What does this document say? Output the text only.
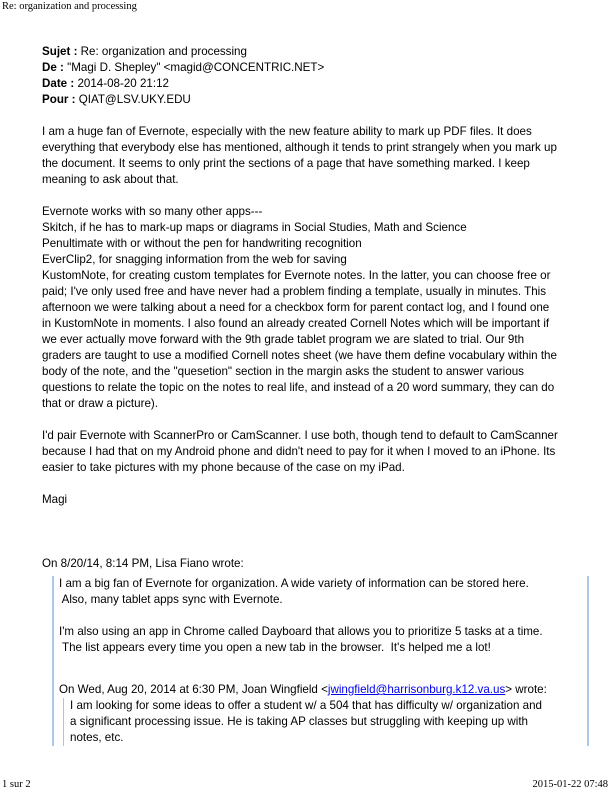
Re: organization and processing
Sujet : Re: organization and processing
De : "Magi D. Shepley" <magid@CONCENTRIC.NET>
Date : 2014-08-20 21:12
Pour : QIAT@LSV.UKY.EDU
I am a huge fan of Evernote, especially with the new feature ability to mark up PDF files. It does
everything that everybody else has mentioned, although it tends to print strangely when you mark up
the document. It seems to only print the sections of a page that have something marked. I keep
meaning to ask about that.
Evernote works with so many other apps---
Skitch, if he has to mark-up maps or diagrams in Social Studies, Math and Science
Penultimate with or without the pen for handwriting recognition
EverClip2, for snagging information from the web for saving
KustomNote, for creating custom templates for Evernote notes. In the latter, you can choose free or
paid; I've only used free and have never had a problem finding a template, usually in minutes. This
afternoon we were talking about a need for a checkbox form for parent contact log, and I found one
in KustomNote in moments. I also found an already created Cornell Notes which will be important if
we ever actually move forward with the 9th grade tablet program we are slated to trial. Our 9th
graders are taught to use a modified Cornell notes sheet (we have them define vocabulary within the
body of the note, and the "quesetion" section in the margin asks the student to answer various
questions to relate the topic on the notes to real life, and instead of a 20 word summary, they can do
that or draw a picture).
I'd pair Evernote with ScannerPro or CamScanner. I use both, though tend to default to CamScanner
because I had that on my Android phone and didn't need to pay for it when I moved to an iPhone. Its
easier to take pictures with my phone because of the case on my iPad.
Magi
On 8/20/14, 8:14 PM, Lisa Fiano wrote:
I am a big fan of Evernote for organization. A wide variety of information can be stored here.
Also, many tablet apps sync with Evernote.
I'm also using an app in Chrome called Dayboard that allows you to prioritize 5 tasks at a time.
The list appears every time you open a new tab in the browser.  It's helped me a lot!
On Wed, Aug 20, 2014 at 6:30 PM, Joan Wingfield <jwingfield@harrisonburg.k12.va.us> wrote:
I am looking for some ideas to offer a student w/ a 504 that has difficulty w/ organization and
a significant processing issue. He is taking AP classes but struggling with keeping up with
notes, etc.
1 sur 2	2015-01-22 07:48
